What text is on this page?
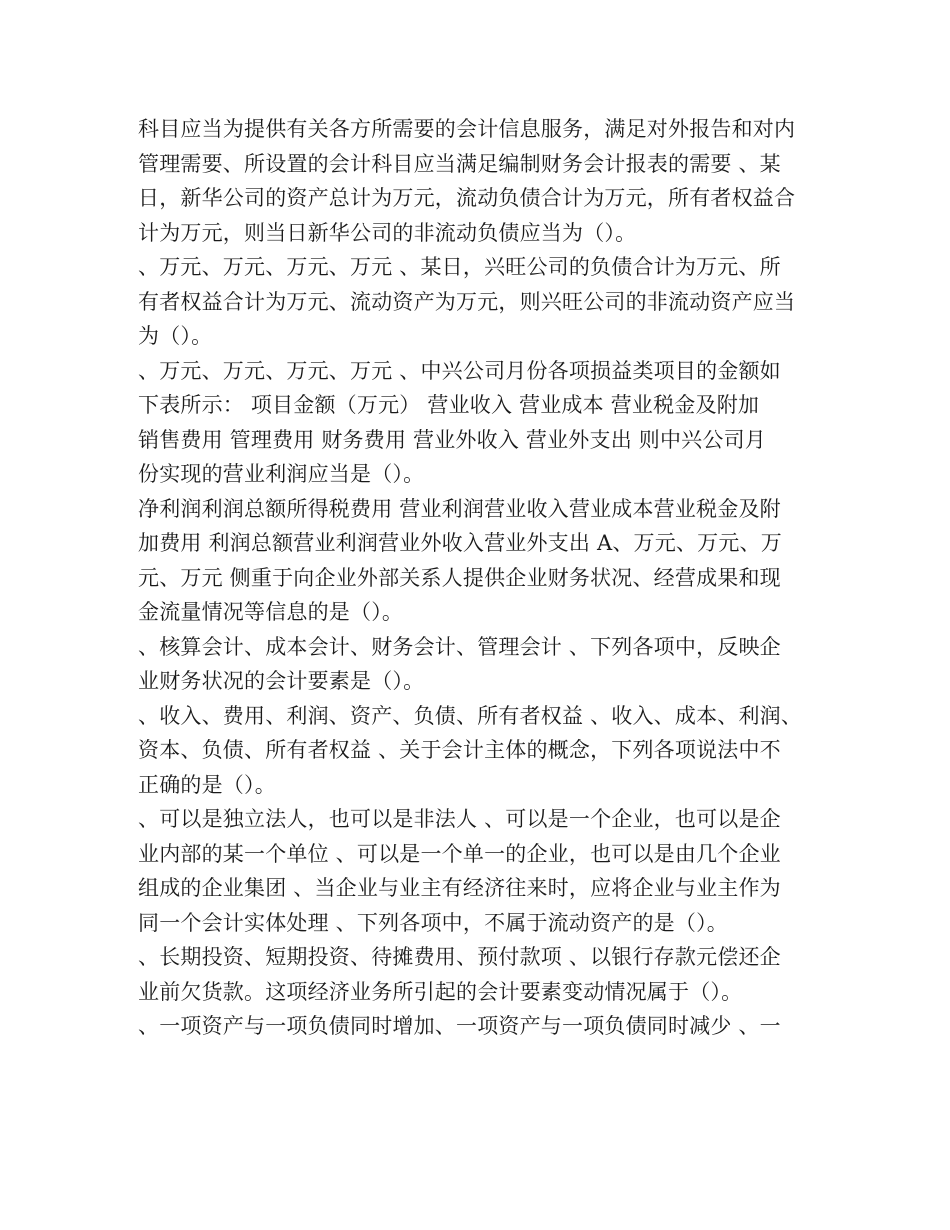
科目应当为提供有关各方所需要的会计信息服务，满足对外报告和对内
管理需要、所设置的会计科目应当满足编制财务会计报表的需要 、某
日，新华公司的资产总计为万元，流动负债合计为万元，所有者权益合
计为万元，则当日新华公司的非流动负债应当为（）。
、万元、万元、万元、万元 、某日，兴旺公司的负债合计为万元、所
有者权益合计为万元、流动资产为万元，则兴旺公司的非流动资产应当
为（）。
、万元、万元、万元、万元 、中兴公司月份各项损益类项目的金额如
下表所示： 项目金额（万元） 营业收入 营业成本 营业税金及附加
销售费用 管理费用 财务费用 营业外收入 营业外支出 则中兴公司月
份实现的营业利润应当是（）。
净利润利润总额所得税费用 营业利润营业收入营业成本营业税金及附
加费用 利润总额营业利润营业外收入营业外支出 A、万元、万元、万
元、万元 侧重于向企业外部关系人提供企业财务状况、经营成果和现
金流量情况等信息的是（）。
、核算会计、成本会计、财务会计、管理会计 、下列各项中，反映企
业财务状况的会计要素是（）。
、收入、费用、利润、资产、负债、所有者权益 、收入、成本、利润、
资本、负债、所有者权益 、关于会计主体的概念，下列各项说法中不
正确的是（）。
、可以是独立法人，也可以是非法人 、可以是一个企业，也可以是企
业内部的某一个单位 、可以是一个单一的企业，也可以是由几个企业
组成的企业集团 、当企业与业主有经济往来时，应将企业与业主作为
同一个会计实体处理 、下列各项中，不属于流动资产的是（）。
、长期投资、短期投资、待摊费用、预付款项 、以银行存款元偿还企
业前欠货款。这项经济业务所引起的会计要素变动情况属于（）。
、一项资产与一项负债同时增加、一项资产与一项负债同时减少 、一
